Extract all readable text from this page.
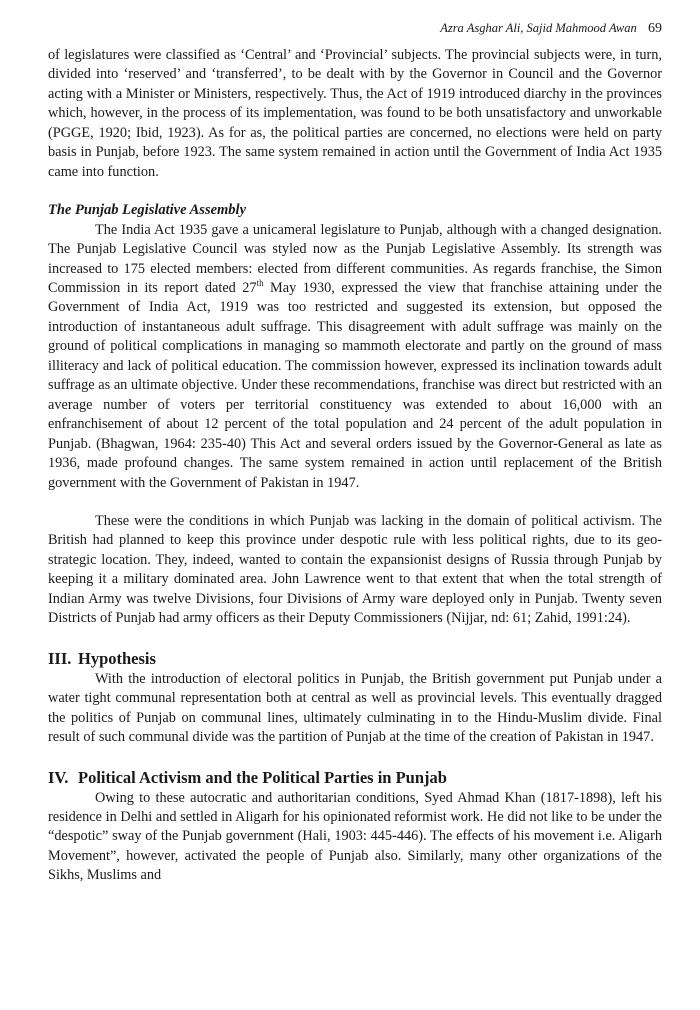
Azra Asghar Ali, Sajid Mahmood Awan 69

of legislatures were classified as ‘Central’ and ‘Provincial’ subjects. The provincial subjects were, in turn, divided into ‘reserved’ and ‘transferred’, to be dealt with by the Governor in Council and the Governor acting with a Minister or Ministers, respectively. Thus, the Act of 1919 introduced diarchy in the provinces which, however, in the process of its implementation, was found to be both unsatisfactory and unworkable (PGGE, 1920; Ibid, 1923). As for as, the political parties are concerned, no elections were held on party basis in Punjab, before 1923. The same system remained in action until the Government of India Act 1935 came into function.

The Punjab Legislative Assembly

The India Act 1935 gave a unicameral legislature to Punjab, although with a changed designation. The Punjab Legislative Council was styled now as the Punjab Legislative Assembly. Its strength was increased to 175 elected members: elected from different communities. As regards franchise, the Simon Commission in its report dated 27th May 1930, expressed the view that franchise attaining under the Government of India Act, 1919 was too restricted and suggested its extension, but opposed the introduction of instantaneous adult suffrage. This disagreement with adult suffrage was mainly on the ground of political complications in managing so mammoth electorate and partly on the ground of mass illiteracy and lack of political education. The commission however, expressed its inclination towards adult suffrage as an ultimate objective. Under these recommendations, franchise was direct but restricted with an average number of voters per territorial constituency was extended to about 16,000 with an enfranchisement of about 12 percent of the total population and 24 percent of the adult population in Punjab. (Bhagwan, 1964: 235-40) This Act and several orders issued by the Governor-General as late as 1936, made profound changes. The same system remained in action until replacement of the British government with the Government of Pakistan in 1947.

These were the conditions in which Punjab was lacking in the domain of political activism. The British had planned to keep this province under despotic rule with less political rights, due to its geo-strategic location. They, indeed, wanted to contain the expansionist designs of Russia through Punjab by keeping it a military dominated area. John Lawrence went to that extent that when the total strength of Indian Army was twelve Divisions, four Divisions of Army ware deployed only in Punjab. Twenty seven Districts of Punjab had army officers as their Deputy Commissioners (Nijjar, nd: 61; Zahid, 1991:24).

III. Hypothesis

With the introduction of electoral politics in Punjab, the British government put Punjab under a water tight communal representation both at central as well as provincial levels. This eventually dragged the politics of Punjab on communal lines, ultimately culminating in to the Hindu-Muslim divide. Final result of such communal divide was the partition of Punjab at the time of the creation of Pakistan in 1947.

IV. Political Activism and the Political Parties in Punjab

Owing to these autocratic and authoritarian conditions, Syed Ahmad Khan (1817-1898), left his residence in Delhi and settled in Aligarh for his opinionated reformist work. He did not like to be under the “despotic” sway of the Punjab government (Hali, 1903: 445-446). The effects of his movement i.e. Aligarh Movement”, however, activated the people of Punjab also. Similarly, many other organizations of the Sikhs, Muslims and
